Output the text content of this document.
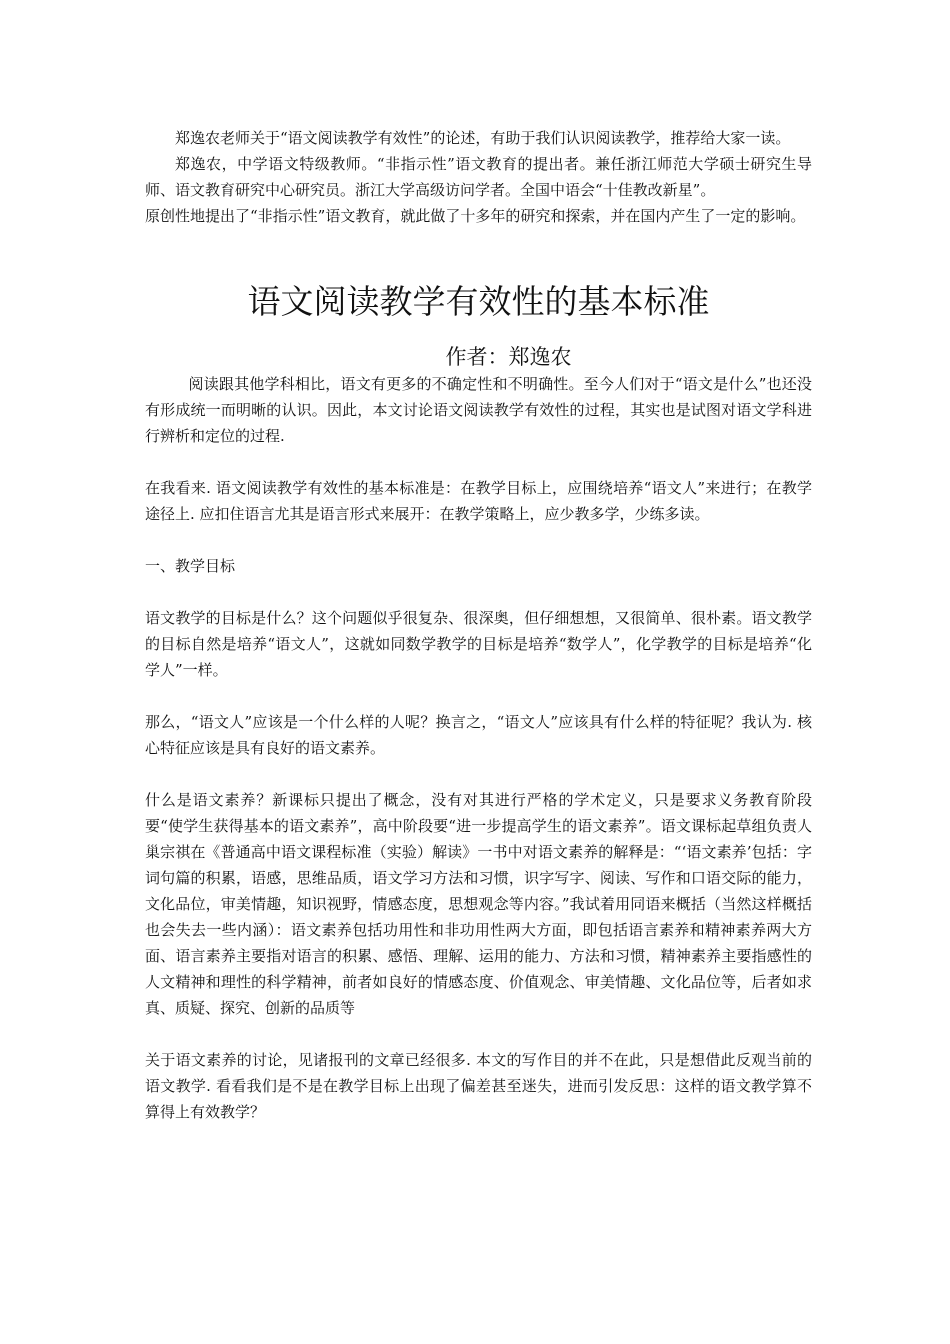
郑逸农老师关于“语文阅读教学有效性”的论述，有助于我们认识阅读教学，推荐给大家一读。

郑逸农，中学语文特级教师。“非指示性”语文教育的提出者。兼任浙江师范大学硕士研究生导师、语文教育研究中心研究员。浙江大学高级访问学者。全国中语会“十佳教改新星”。

原创性地提出了“非指示性”语文教育，就此做了十多年的研究和探索，并在国内产生了一定的影响。

语文阅读教学有效性的基本标准
作者：郑逸农

阅读跟其他学科相比，语文有更多的不确定性和不明确性。至今人们对于“语文是什么”也还没有形成统一而明晰的认识。因此，本文讨论语文阅读教学有效性的过程，其实也是试图对语文学科进行辨析和定位的过程.

在我看来. 语文阅读教学有效性的基本标准是：在教学目标上，应围绕培养“语文人”来进行；在教学途径上. 应扣住语言尤其是语言形式来展开：在教学策略上，应少教多学，少练多读。

一、教学目标

语文教学的目标是什么？这个问题似乎很复杂、很深奥，但仔细想想，又很简单、很朴素。语文教学的目标自然是培养“语文人”，这就如同数学教学的目标是培养“数学人”，化学教学的目标是培养“化学人”一样。

那么，“语文人”应该是一个什么样的人呢？换言之，“语文人”应该具有什么样的特征呢？我认为. 核心特征应该是具有良好的语文素养。

什么是语文素养？新课标只提出了概念，没有对其进行严格的学术定义，只是要求义务教育阶段要“使学生获得基本的语文素养”，高中阶段要“进一步提高学生的语文素养”。语文课标起草组负责人巢宗祺在《普通高中语文课程标准（实验）解读》一书中对语文素养的解释是：“‘语文素养’包括：字词句篇的积累，语感，思维品质，语文学习方法和习惯，识字写字、阅读、写作和口语交际的能力，文化品位，审美情趣，知识视野，情感态度，思想观念等内容。”我试着用同语来概括（当然这样概括也会失去一些内涵）：语文素养包括功用性和非功用性两大方面，即包括语言素养和精神素养两大方面、语言素养主要指对语言的积累、感悟、理解、运用的能力、方法和习惯，精神素养主要指感性的人文精神和理性的科学精神，前者如良好的情感态度、价值观念、审美情趣、文化品位等，后者如求真、质疑、探究、创新的品质等

关于语文素养的讨论，见诸报刊的文章已经很多. 本文的写作目的并不在此，只是想借此反观当前的语文教学. 看看我们是不是在教学目标上出现了偏差甚至迷失，进而引发反思：这样的语文教学算不算得上有效教学？
